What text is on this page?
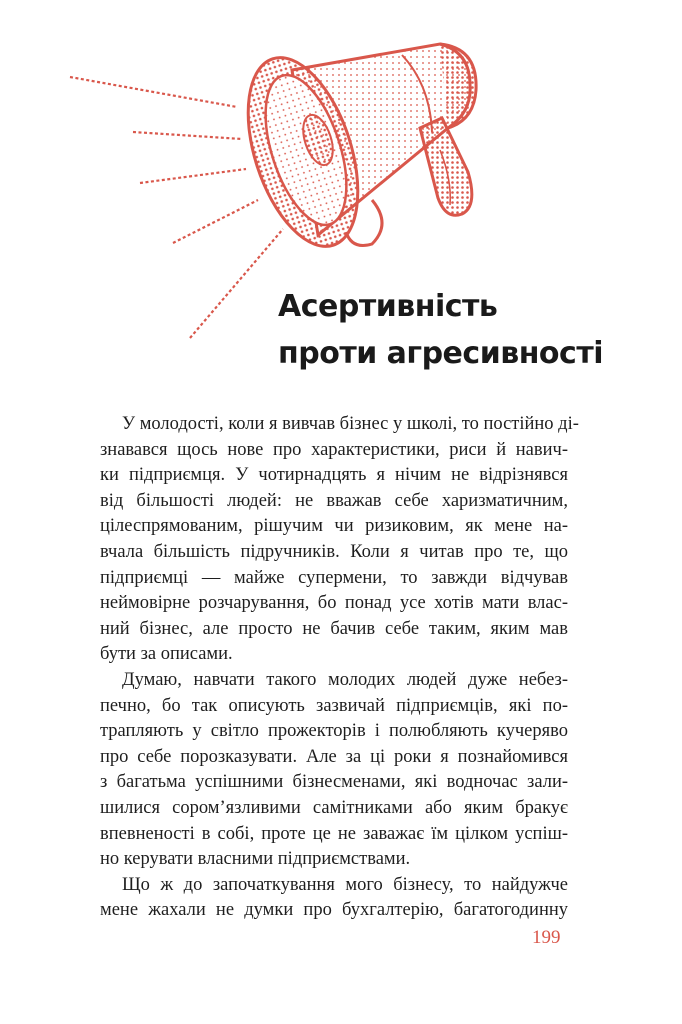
Асертивність
проти агресивності
У молодості, коли я вивчав бізнес у школі, то постійно ді-
знавався щось нове про характеристики, риси й навич-
ки підприємця. У чотирнадцять я нічим не відрізнявся
від більшості людей: не вважав себе харизматичним,
цілеспрямованим, рішучим чи ризиковим, як мене на-
вчала більшість підручників. Коли я читав про те, що
підприємці — майже супермени, то завжди відчував
неймовірне розчарування, бо понад усе хотів мати влас-
ний бізнес, але просто не бачив себе таким, яким мав
бути за описами.
Думаю, навчати такого молодих людей дуже небез-
печно, бо так описують зазвичай підприємців, які по-
трапляють у світло прожекторів і полюбляють кучеряво
про себе порозказувати. Але за ці роки я познайомився
з багатьма успішними бізнесменами, які водночас зали-
шилися сором’язливими самітниками або яким бракує
впевненості в собі, проте це не заважає їм цілком успіш-
но керувати власними підприємствами.
Що ж до започаткування мого бізнесу, то найдужче
мене жахали не думки про бухгалтерію, багатогодинну

199
